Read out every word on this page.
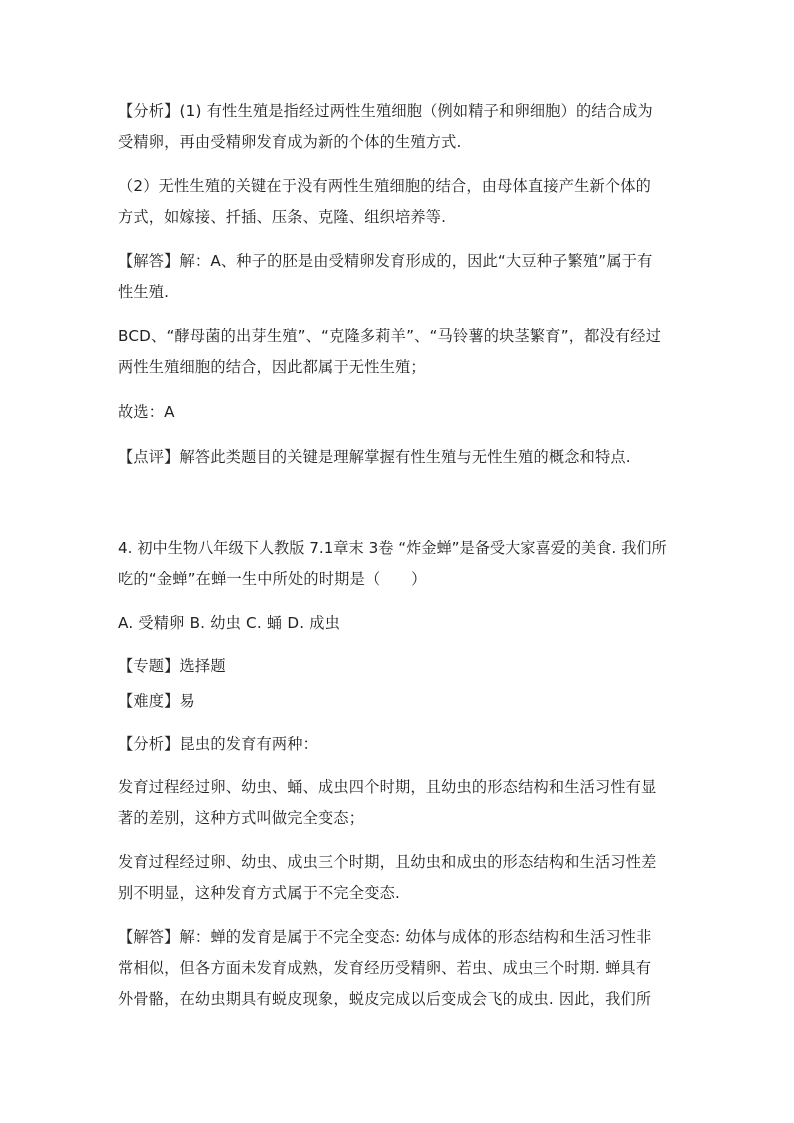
【分析】(1) 有性生殖是指经过两性生殖细胞（例如精子和卵细胞）的结合成为
受精卵，再由受精卵发育成为新的个体的生殖方式.
（2）无性生殖的关键在于没有两性生殖细胞的结合，由母体直接产生新个体的
方式，如嫁接、扦插、压条、克隆、组织培养等.
【解答】解：A、种子的胚是由受精卵发育形成的，因此“大豆种子繁殖”属于有
性生殖.
BCD、“酵母菌的出芽生殖”、“克隆多莉羊”、“马铃薯的块茎繁育”，都没有经过
两性生殖细胞的结合，因此都属于无性生殖；
故选：A
【点评】解答此类题目的关键是理解掌握有性生殖与无性生殖的概念和特点.
4. 初中生物八年级下人教版 7.1章末 3卷 “炸金蝉”是备受大家喜爱的美食. 我们所
吃的“金蝉”在蝉一生中所处的时期是（　　）
A. 受精卵 B. 幼虫 C. 蛹 D. 成虫
【专题】选择题
【难度】易
【分析】昆虫的发育有两种：
发育过程经过卵、幼虫、蛹、成虫四个时期，且幼虫的形态结构和生活习性有显
著的差别，这种方式叫做完全变态；
发育过程经过卵、幼虫、成虫三个时期，且幼虫和成虫的形态结构和生活习性差
别不明显，这种发育方式属于不完全变态.
【解答】解：蝉的发育是属于不完全变态: 幼体与成体的形态结构和生活习性非
常相似，但各方面未发育成熟，发育经历受精卵、若虫、成虫三个时期. 蝉具有
外骨骼，在幼虫期具有蜕皮现象，蜕皮完成以后变成会飞的成虫. 因此，我们所
